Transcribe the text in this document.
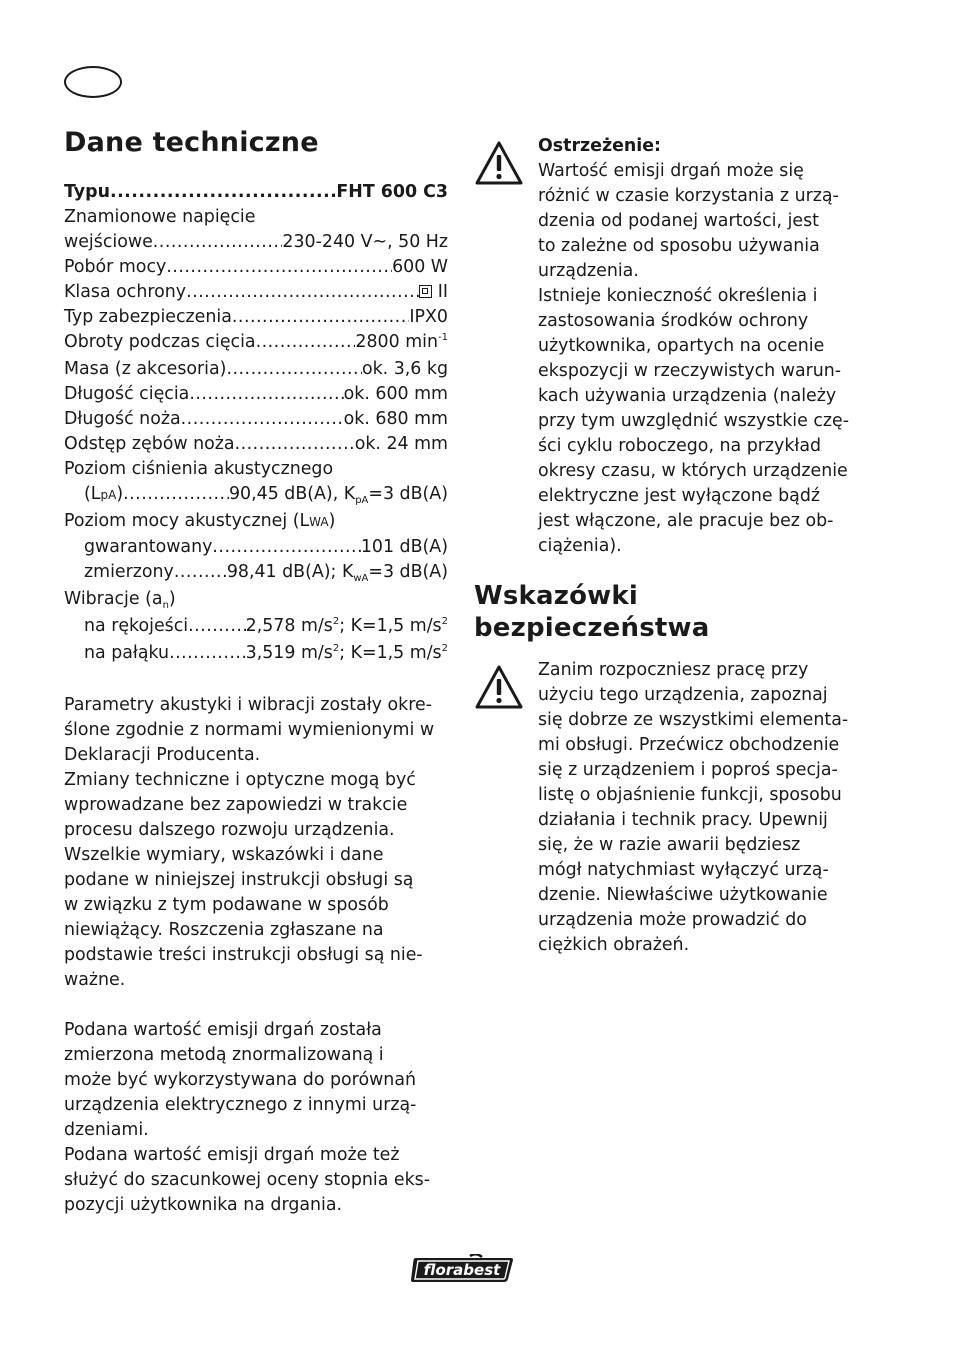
Dane techniczne
Typu .....	FHT 600 C3
Znamionowe napięcie
wejściowe .....	230-240 V~, 50 Hz
Pobór mocy .....	600 W
Klasa ochrony .....	II
Typ zabezpieczenia .....	IPX0
Obroty podczas cięcia .....	2800 $\min^{-1}$
Masa (z akcesoria) .....	ok. 3,6 kg
Długość cięcia .....	ok. 600 mm
Długość noża .....	ok. 680 mm
Odstęp zębów noża .....	ok. 24 mm
Poziom ciśnienia akustycznego
(LpA) .....	90,45 dB(A), $K_{pA}=3$ dB(A)
Poziom mocy akustycznej (LWA)
gwarantowany .....	101 dB(A)
zmierzony .....	98,41 dB(A); $K_{wA}=3$ dB(A)
Wibracje $(a_n)$
na rękojeści .....	2,578 $m/s^2$; K=1,5 $m/s^2$
na pałąku .....	3,519 $m/s^2$; K=1,5 $m/s^2$

Parametry akustyki i wibracji zostały okre-
ślone zgodnie z normami wymienionymi w
Deklaracji Producenta.

Zmiany techniczne i optyczne mogą być
wprowadzane bez zapowiedzi w trakcie
procesu dalszego rozwoju urządzenia.
Wszelkie wymiary, wskazówki i dane
podane w niniejszej instrukcji obsługi są
w związku z tym podawane w sposób
niewiążący. Roszczenia zgłaszane na
podstawie treści instrukcji obsługi są nie-
ważne.

Podana wartość emisji drgań została
zmierzona metodą znormalizowaną i
może być wykorzystywana do porównań
urządzenia elektrycznego z innymi urzą-
dzeniami.

Podana wartość emisji drgań może też
służyć do szacunkowej oceny stopnia eks-
pozycji użytkownika na drgania.

Ostrzeżenie:

Wartość emisji drgań może się
różnić w czasie korzystania z urzą-
dzenia od podanej wartości, jest
to zależne od sposobu używania
urządzenia.

Istnieje konieczność określenia i
zastosowania środków ochrony
użytkownika, opartych na ocenie
ekspozycji w rzeczywistych warun-
kach używania urządzenia (należy
przy tym uwzględnić wszystkie czę-
ści cyklu roboczego, na przykład
okresy czasu, w których urządzenie
elektryczne jest wyłączone bądź
jest włączone, ale pracuje bez ob-
ciążenia).

Wskazówki
bezpieczeństwa

Zanim rozpoczniesz pracę przy
użyciu tego urządzenia, zapoznaj
się dobrze ze wszystkimi elementa-
mi obsługi. Przećwicz obchodzenie
się z urządzeniem i poproś specja-
listę o objaśnienie funkcji, sposobu
działania i technik pracy. Upewnij
się, że w razie awarii będziesz
mógł natychmiast wyłączyć urzą-
dzenie. Niewłaściwe użytkowanie
urządzenia może prowadzić do
ciężkich obrażeń.

florabest
